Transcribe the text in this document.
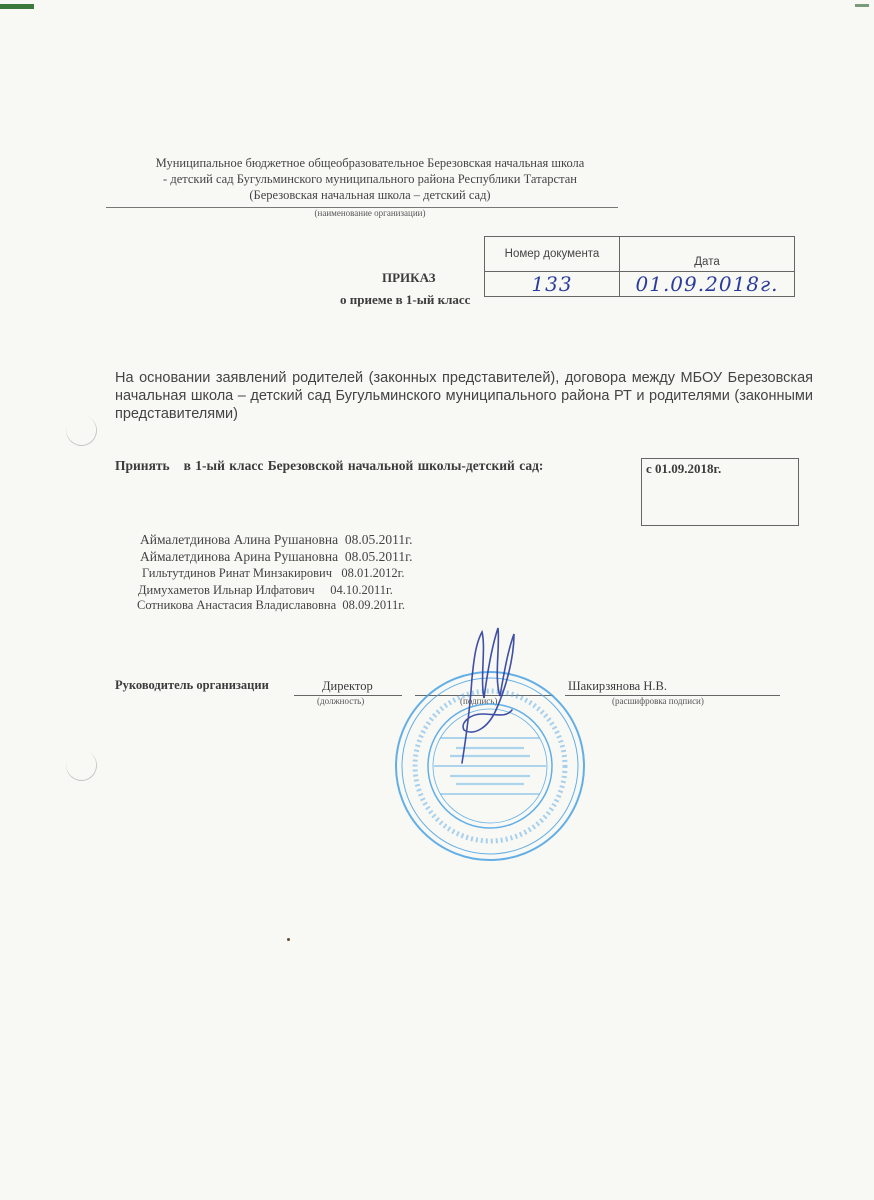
Муниципальное бюджетное общеобразовательное Березовская начальная школа
- детский сад Бугульминского муниципального района Республики Татарстан
(Березовская начальная школа – детский сад)
(наименование организации)
Номер документа	Дата
133	01.09.2018г.
ПРИКАЗ
о приеме в 1-ый класс
На основании заявлений родителей (законных представителей), договора между МБОУ Березовская начальная школа – детский сад Бугульминского муниципального района РТ и родителями (законными представителями)
Принять в 1-ый класс Березовской начальной школы-детский сад:	с 01.09.2018г.
Аймалетдинова Алина Рушановна  08.05.2011г.
Аймалетдинова Арина Рушановна  08.05.2011г.
Гильтутдинов Ринат Минзакирович   08.01.2012г.
Димухаметов Ильнар Илфатович     04.10.2011г.
Сотникова Анастасия Владиславовна  08.09.2011г.
Руководитель организации	Директор
(должность)	(подпись)
Шакирзянова Н.В.
(расшифровка подписи)
